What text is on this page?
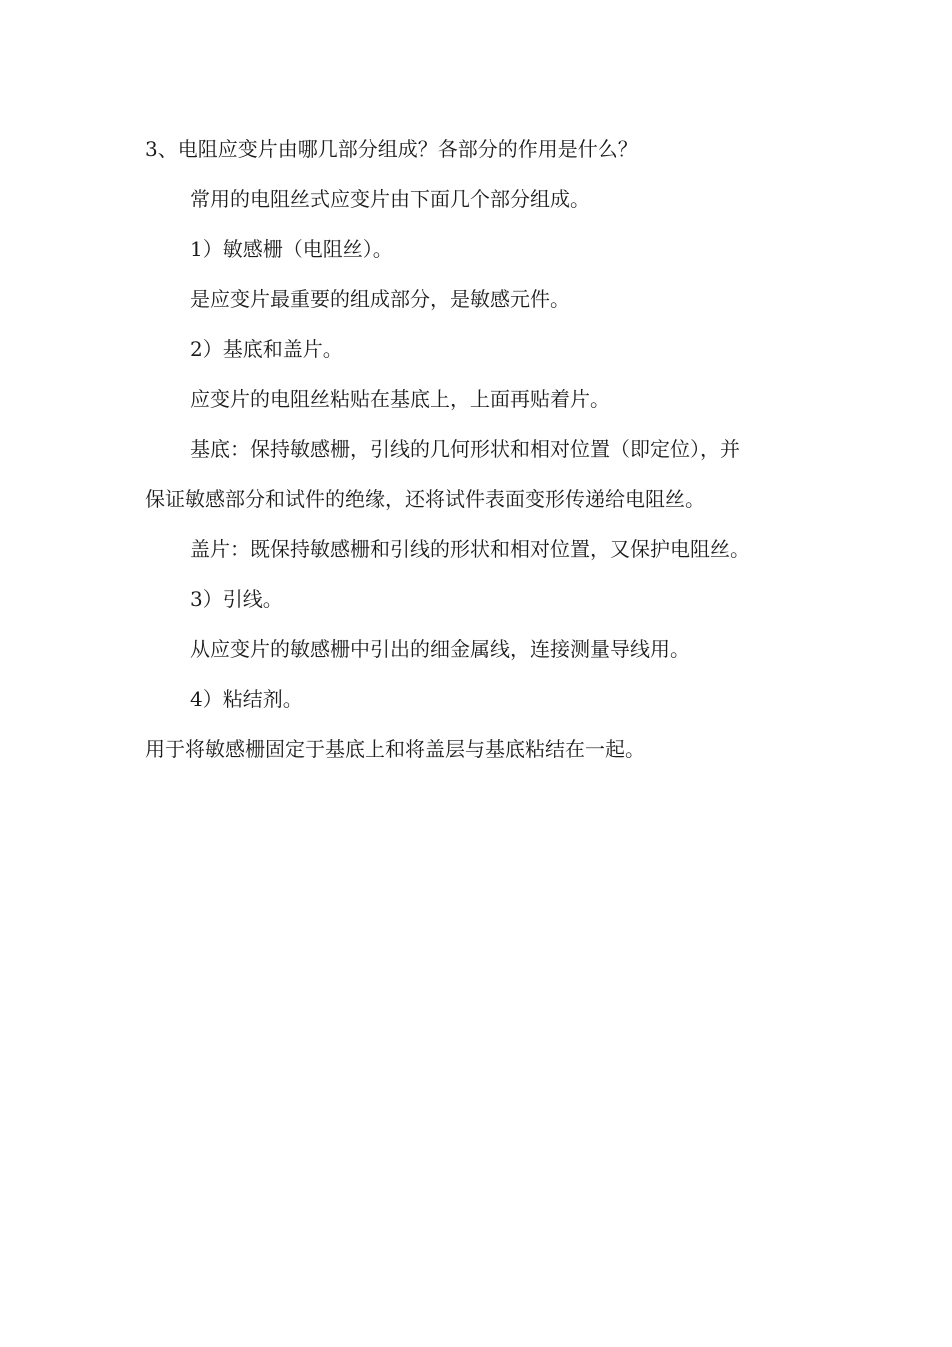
3、电阻应变片由哪几部分组成？各部分的作用是什么？
常用的电阻丝式应变片由下面几个部分组成。
1）敏感栅（电阻丝）。
是应变片最重要的组成部分，是敏感元件。
2）基底和盖片。
应变片的电阻丝粘贴在基底上，上面再贴着片。
基底：保持敏感栅，引线的几何形状和相对位置（即定位），并
保证敏感部分和试件的绝缘，还将试件表面变形传递给电阻丝。
盖片：既保持敏感栅和引线的形状和相对位置，又保护电阻丝。
3）引线。
从应变片的敏感栅中引出的细金属线，连接测量导线用。
4）粘结剂。
用于将敏感栅固定于基底上和将盖层与基底粘结在一起。
